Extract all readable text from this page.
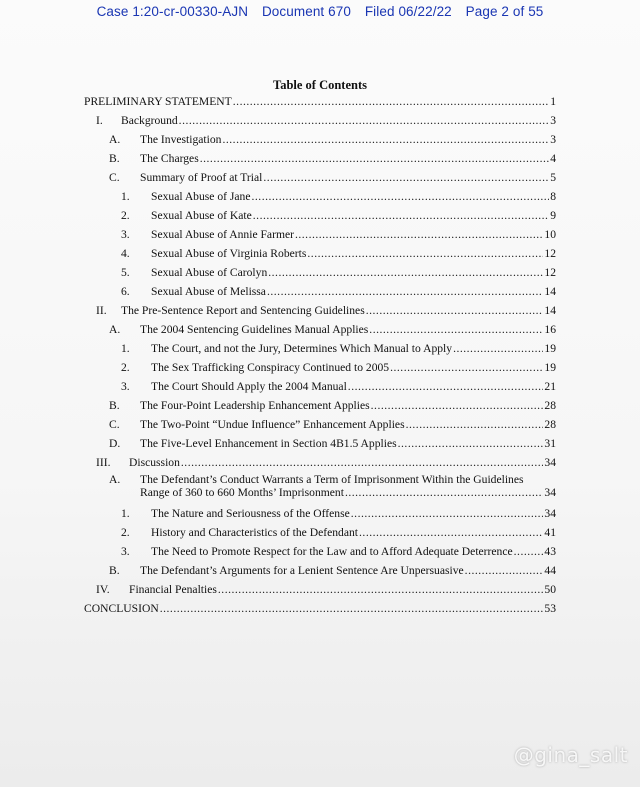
Case 1:20-cr-00330-AJN Document 670 Filed 06/22/22 Page 2 of 55
Table of Contents
PRELIMINARY STATEMENT .....	1
I. Background .....	3
A. The Investigation .....	3
B. The Charges .....	4
C. Summary of Proof at Trial .....	5
1. Sexual Abuse of Jane .....	8
2. Sexual Abuse of Kate .....	9
3. Sexual Abuse of Annie Farmer .....	10
4. Sexual Abuse of Virginia Roberts .....	12
5. Sexual Abuse of Carolyn .....	12
6. Sexual Abuse of Melissa .....	14
II. The Pre-Sentence Report and Sentencing Guidelines .....	14
A. The 2004 Sentencing Guidelines Manual Applies .....	16
1. The Court, and not the Jury, Determines Which Manual to Apply .....	19
2. The Sex Trafficking Conspiracy Continued to 2005 .....	19
3. The Court Should Apply the 2004 Manual .....	21
B. The Four-Point Leadership Enhancement Applies .....	28
C. The Two-Point “Undue Influence” Enhancement Applies .....	28
D. The Five-Level Enhancement in Section 4B1.5 Applies .....	31
III. Discussion .....	34
A. The Defendant’s Conduct Warrants a Term of Imprisonment Within the Guidelines
Range of 360 to 660 Months’ Imprisonment .....	34
1. The Nature and Seriousness of the Offense .....	34
2. History and Characteristics of the Defendant .....	41
3. The Need to Promote Respect for the Law and to Afford Adequate Deterrence .....	43
B. The Defendant’s Arguments for a Lenient Sentence Are Unpersuasive .....	44
IV. Financial Penalties .....	50
CONCLUSION .....	53
@gina_salt
